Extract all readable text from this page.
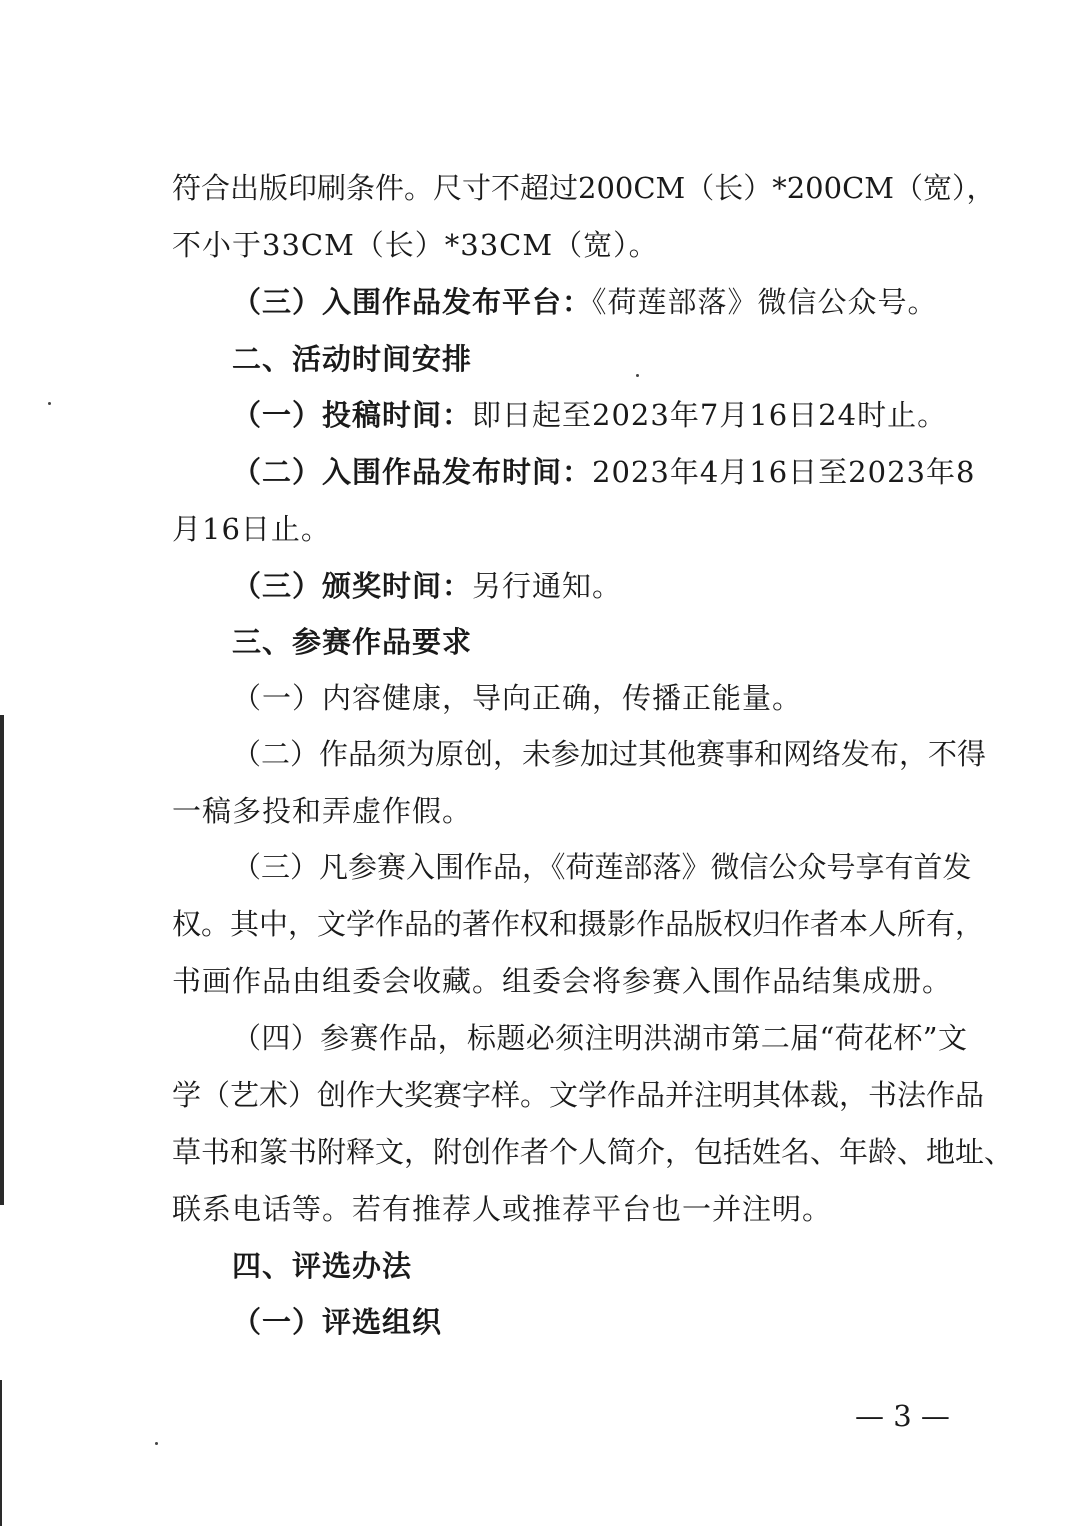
符合出版印刷条件。尺寸不超过200CM（长）*200CM（宽），
不小于33CM（长）*33CM（宽）。
（三）入围作品发布平台：《荷莲部落》微信公众号。
二、活动时间安排
（一）投稿时间：即日起至2023年7月16日24时止。
（二）入围作品发布时间： 2023年4月16日至2023年8
月16日止。
（三）颁奖时间：另行通知。
三、参赛作品要求
（一）内容健康，导向正确，传播正能量。
（二）作品须为原创，未参加过其他赛事和网络发布，不得
一稿多投和弄虚作假。
（三）凡参赛入围作品，《荷莲部落》微信公众号享有首发
权。其中，文学作品的著作权和摄影作品版权归作者本人所有，
书画作品由组委会收藏。组委会将参赛入围作品结集成册。
（四）参赛作品，标题必须注明洪湖市第二届“荷花杯”文
学（艺术）创作大奖赛字样。文学作品并注明其体裁，书法作品
草书和篆书附释文，附创作者个人简介，包括姓名、年龄、地址、
联系电话等。若有推荐人或推荐平台也一并注明。
四、评选办法
（一）评选组织
— 3 —
